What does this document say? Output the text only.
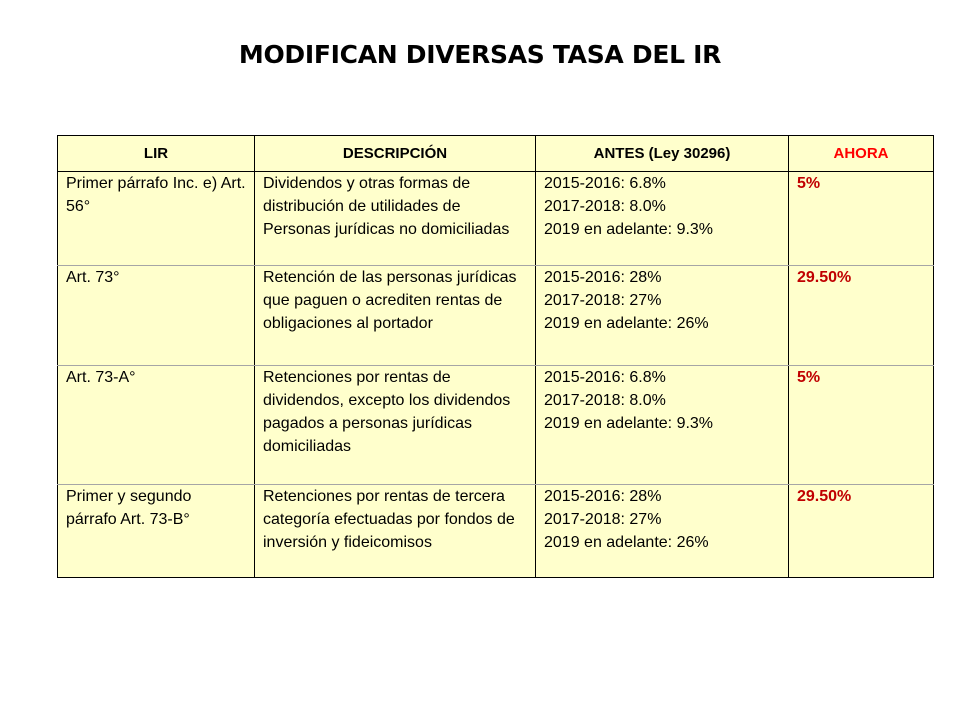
MODIFICAN DIVERSAS TASA DEL IR
LIR	DESCRIPCIÓN	ANTES (Ley 30296)	AHORA
Primer párrafo Inc. e) Art. 56°	Dividendos y otras formas de distribución de utilidades de Personas jurídicas no domiciliadas	2015-2016: 6.8%
2017-2018: 8.0%
2019 en adelante: 9.3%	5%
Art. 73°	Retención de las personas jurídicas que paguen o acrediten rentas de obligaciones al portador	2015-2016: 28%
2017-2018: 27%
2019 en adelante: 26%	29.50%
Art. 73-A°	Retenciones por rentas de dividendos, excepto los dividendos pagados a personas jurídicas domiciliadas	2015-2016: 6.8%
2017-2018: 8.0%
2019 en adelante: 9.3%	5%
Primer y segundo párrafo Art. 73-B°	Retenciones por rentas de tercera categoría efectuadas por fondos de inversión y fideicomisos	2015-2016: 28%
2017-2018: 27%
2019 en adelante: 26%	29.50%
